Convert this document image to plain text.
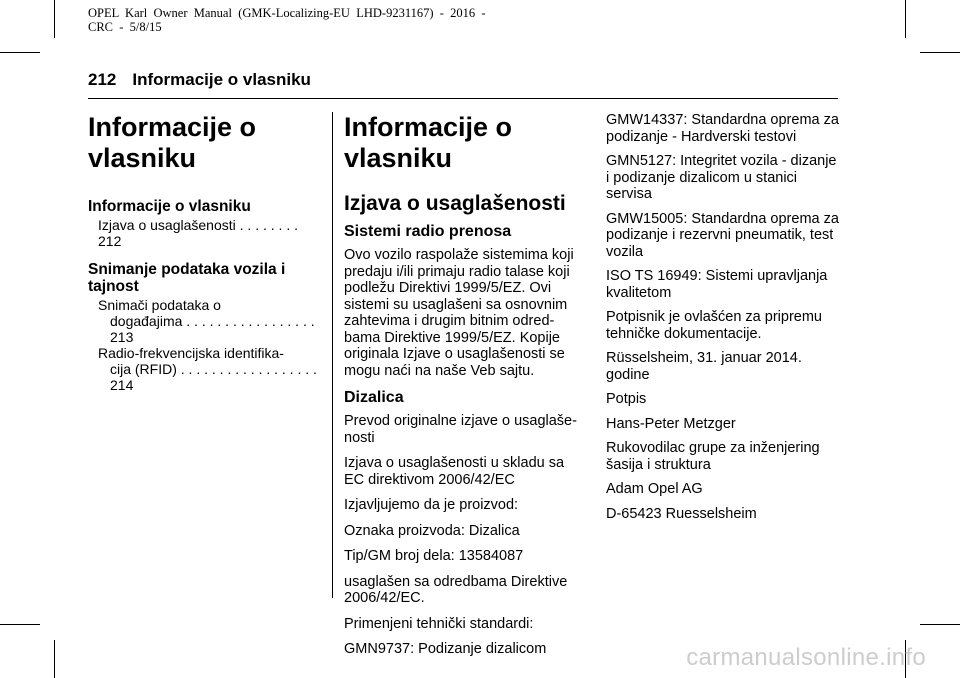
OPEL  Karl  Owner  Manual  (GMK-Localizing-EU  LHD-9231167)  -  2016  -
CRC  -  5/8/15
212 Informacije o vlasniku
Informacije o vlasniku
Informacije o vlasniku
Izjava o usaglašenosti . . . . . . . . 212
Snimanje podataka vozila i tajnost
Snimači podataka o
događajima . . . . . . . . . . . . . . . . . 213
Radio-frekvencijska identifika-
cija (RFID) . . . . . . . . . . . . . . . . . . 214
Informacije o vlasniku
Izjava o usaglašenosti
Sistemi radio prenosa

Ovo vozilo raspolaže sistemima koji predaju i/ili primaju radio talase koji podležu Direktivi 1999/5/EZ. Ovi sistemi su usaglašeni sa osnovnim zahtevima i drugim bitnim odred-bama Direktive 1999/5/EZ. Kopije originala Izjave o usaglašenosti se mogu naći na naše Veb sajtu.

Dizalica

Prevod originalne izjave o usaglaše-nosti

Izjava o usaglašenosti u skladu sa EC direktivom 2006/42/EC

Izjavljujemo da je proizvod:

Oznaka proizvoda: Dizalica

Tip/GM broj dela: 13584087

usaglašen sa odredbama Direktive 2006/42/EC.

Primenjeni tehnički standardi:

GMN9737: Podizanje dizalicom

GMW14337: Standardna oprema za podizanje - Hardverski testovi

GMN5127: Integritet vozila - dizanje i podizanje dizalicom u stanici servisa

GMW15005: Standardna oprema za podizanje i rezervni pneumatik, test vozila

ISO TS 16949: Sistemi upravljanja kvalitetom

Potpisnik je ovlašćen za pripremu tehničke dokumentacije.

Rüsselsheim, 31. januar 2014. godine

Potpis

Hans-Peter Metzger

Rukovodilac grupe za inženjering šasija i struktura

Adam Opel AG

D-65423 Ruesselsheim

carmanualsonline.info
